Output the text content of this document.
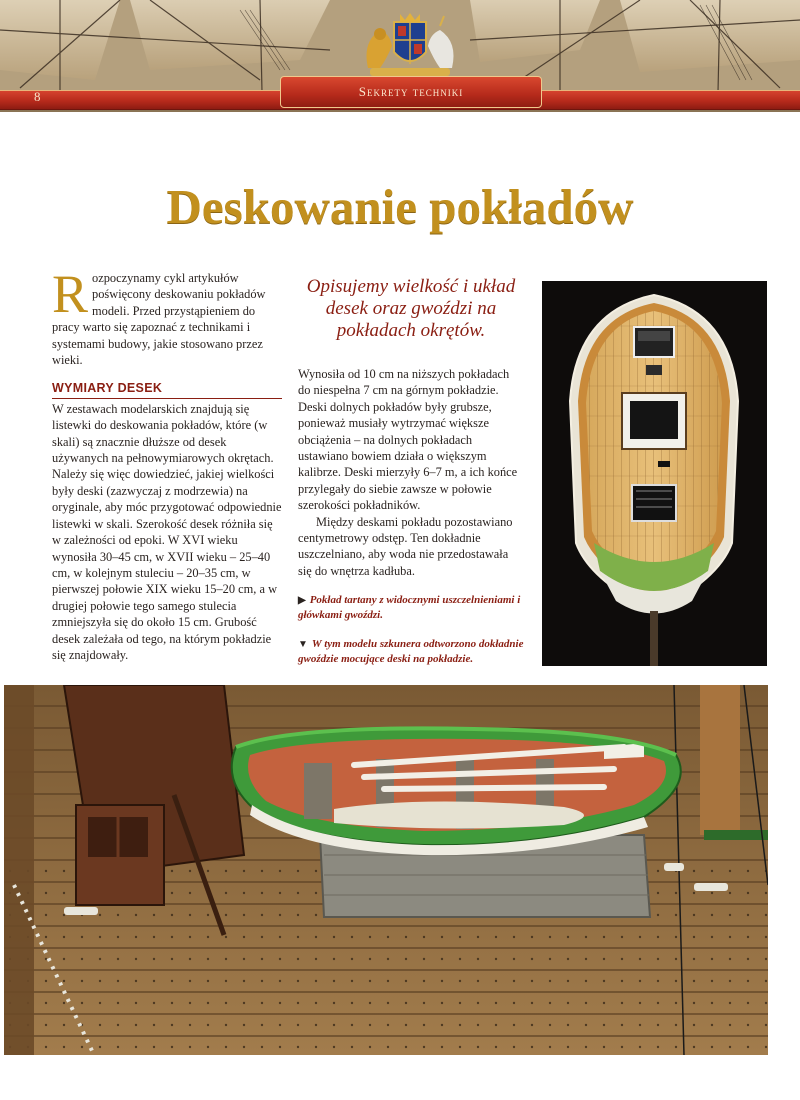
8	Sekrety techniki
Deskowanie pokładów

Rozpoczynamy cykl artykułów poświęcony deskowaniu pokładów modeli. Przed przystąpieniem do pracy warto się zapoznać z technikami i systemami budowy, jakie stosowano przez wieki.

WYMIARY DESEK

W zestawach modelarskich znajdują się listewki do deskowania pokładów, które (w skali) są znacznie dłuższe od desek używanych na pełnowymiarowych okrętach. Należy się więc dowiedzieć, jakiej wielkości były deski (zazwyczaj z modrzewia) na oryginale, aby móc przygotować odpowiednie listewki w skali. Szerokość desek różniła się w zależności od epoki. W XVI wieku wynosiła 30–45 cm, w XVII wieku – 25–40 cm, w kolejnym stuleciu – 20–35 cm, w pierwszej połowie XIX wieku 15–20 cm, a w drugiej połowie tego samego stulecia zmniejszyła się do około 15 cm. Grubość desek zależała od tego, na którym pokładzie się znajdowały.

Opisujemy wielkość i układ desek oraz gwoździ na pokładach okrętów.

Wynosiła od 10 cm na niższych pokładach do niespełna 7 cm na górnym pokładzie. Deski dolnych pokładów były grubsze, ponieważ musiały wytrzymać większe obciążenia – na dolnych pokładach ustawiano bowiem działa o większym kalibrze. Deski mierzyły 6–7 m, a ich końce przylegały do siebie zawsze w połowie szerokości pokładników.

Między deskami pokładu pozostawiano centymetrowy odstęp. Ten dokładnie uszczelniano, aby woda nie przedostawała się do wnętrza kadłuba.

▶ Pokład tartany z widocznymi uszczelnieniami i główkami gwoździ.
▼ W tym modelu szkunera odtworzono dokładnie gwoździe mocujące deski na pokładzie.
